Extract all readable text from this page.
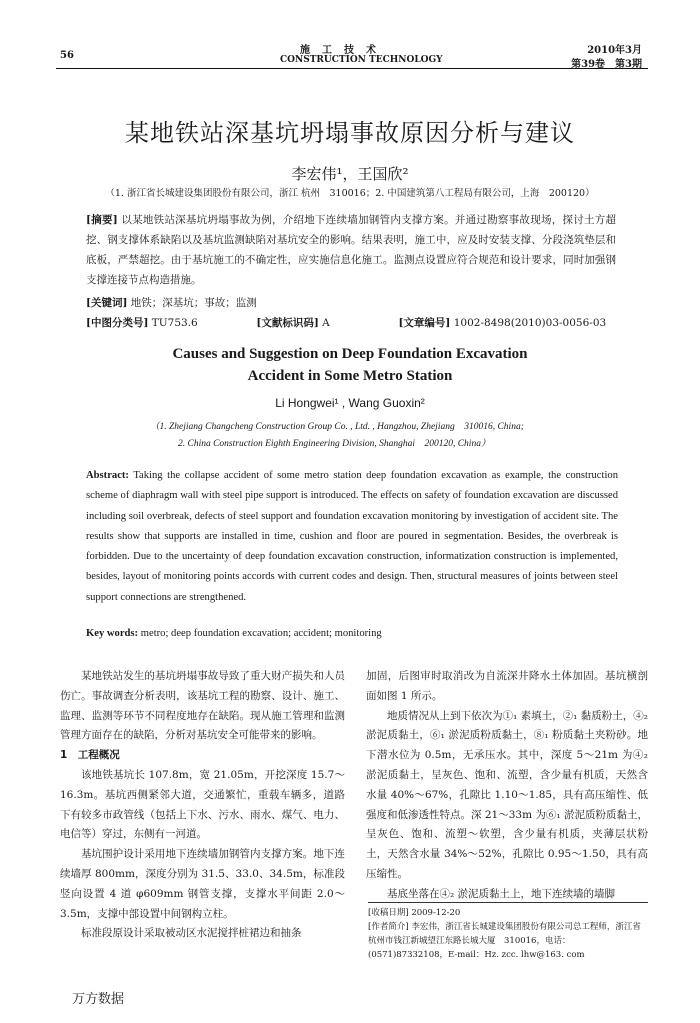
56	施　工　技　术
CONSTRUCTION TECHNOLOGY
2010年3月
第39卷　第3期
某地铁站深基坑坍塌事故原因分析与建议
李宏伟¹，王国欣²
（1. 浙江省长城建设集团股份有限公司，浙江 杭州　310016；2. 中国建筑第八工程局有限公司，上海　200120）
[摘要] 以某地铁站深基坑坍塌事故为例，介绍地下连续墙加钢管内支撑方案。并通过勘察事故现场，探讨土方超挖、钢支撑体系缺陷以及基坑监测缺陷对基坑安全的影响。结果表明，施工中，应及时安装支撑、分段浇筑垫层和底板，严禁超挖。由于基坑施工的不确定性，应实施信息化施工。监测点设置应符合规范和设计要求，同时加强钢支撑连接节点构造措施。
[关键词] 地铁；深基坑；事故；监测
[中图分类号] TU753.6	[文献标识码] A	[文章编号] 1002-8498(2010)03-0056-03
Causes and Suggestion on Deep Foundation Excavation
Accident in Some Metro Station
Li Hongwei¹ , Wang Guoxin²
（1. Zhejiang Changcheng Construction Group Co. , Ltd. , Hangzhou, Zhejiang　310016, China;
2. China Construction Eighth Engineering Division, Shanghai　200120, China）
Abstract: Taking the collapse accident of some metro station deep foundation excavation as example, the construction scheme of diaphragm wall with steel pipe support is introduced. The effects on safety of foundation excavation are discussed including soil overbreak, defects of steel support and foundation excavation monitoring by investigation of accident site. The results show that supports are installed in time, cushion and floor are poured in segmentation. Besides, the overbreak is forbidden. Due to the uncertainty of deep foundation excavation construction, informatization construction is implemented, besides, layout of monitoring points accords with current codes and design. Then, structural measures of joints between steel support connections are strengthened.
Key words: metro; deep foundation excavation; accident; monitoring

某地铁站发生的基坑坍塌事故导致了重大财产损失和人员伤亡。事故调查分析表明，该基坑工程的勘察、设计、施工、监理、监测等环节不同程度地存在缺陷。现从施工管理和监测管理方面存在的缺陷，分析对基坑安全可能带来的影响。

1　工程概况

该地铁基坑长 107.8m，宽 21.05m，开挖深度 15.7～16.3m。基坑西侧紧邻大道，交通繁忙，重载车辆多，道路下有较多市政管线（包括上下水、污水、雨水、煤气、电力、电信等）穿过，东侧有一河道。

基坑围护设计采用地下连续墙加钢管内支撑方案。地下连续墙厚 800mm，深度分别为 31.5、33.0、34.5m，标准段竖向设置 4 道 φ609mm 钢管支撑，支撑水平间距 2.0～3.5m，支撑中部设置中间钢构立柱。

标准段原设计采取被动区水泥搅拌桩裙边和抽条

加固，后图审时取消改为自流深井降水土体加固。基坑横剖面如图 1 所示。

地质情况从上到下依次为①₁ 素填土，②₁ 黏质粉土，④₂ 淤泥质黏土，⑥₁ 淤泥质粉质黏土，⑧₁ 粉质黏土夹粉砂。地下潜水位为 0.5m，无承压水。其中，深度 5～21m 为④₂ 淤泥质黏土，呈灰色、饱和、流塑，含少量有机质，天然含水量 40%～67%，孔隙比 1.10～1.85，具有高压缩性、低强度和低渗透性特点。深 21～33m 为⑥₁ 淤泥质粉质黏土，呈灰色、饱和、流塑～软塑，含少量有机质，夹薄层状粉土，天然含水量 34%～52%，孔隙比 0.95～1.50，具有高压缩性。

基底坐落在④₂ 淤泥质黏土上，地下连续墙的墙脚

[收稿日期] 2009-12-20
[作者简介] 李宏伟，浙江省长城建设集团股份有限公司总工程师，浙江省杭州市钱江新城望江东路长城大厦　310016，电话：(0571)87332108，E-mail：Hz. zcc. lhw@163. com
万方数据
